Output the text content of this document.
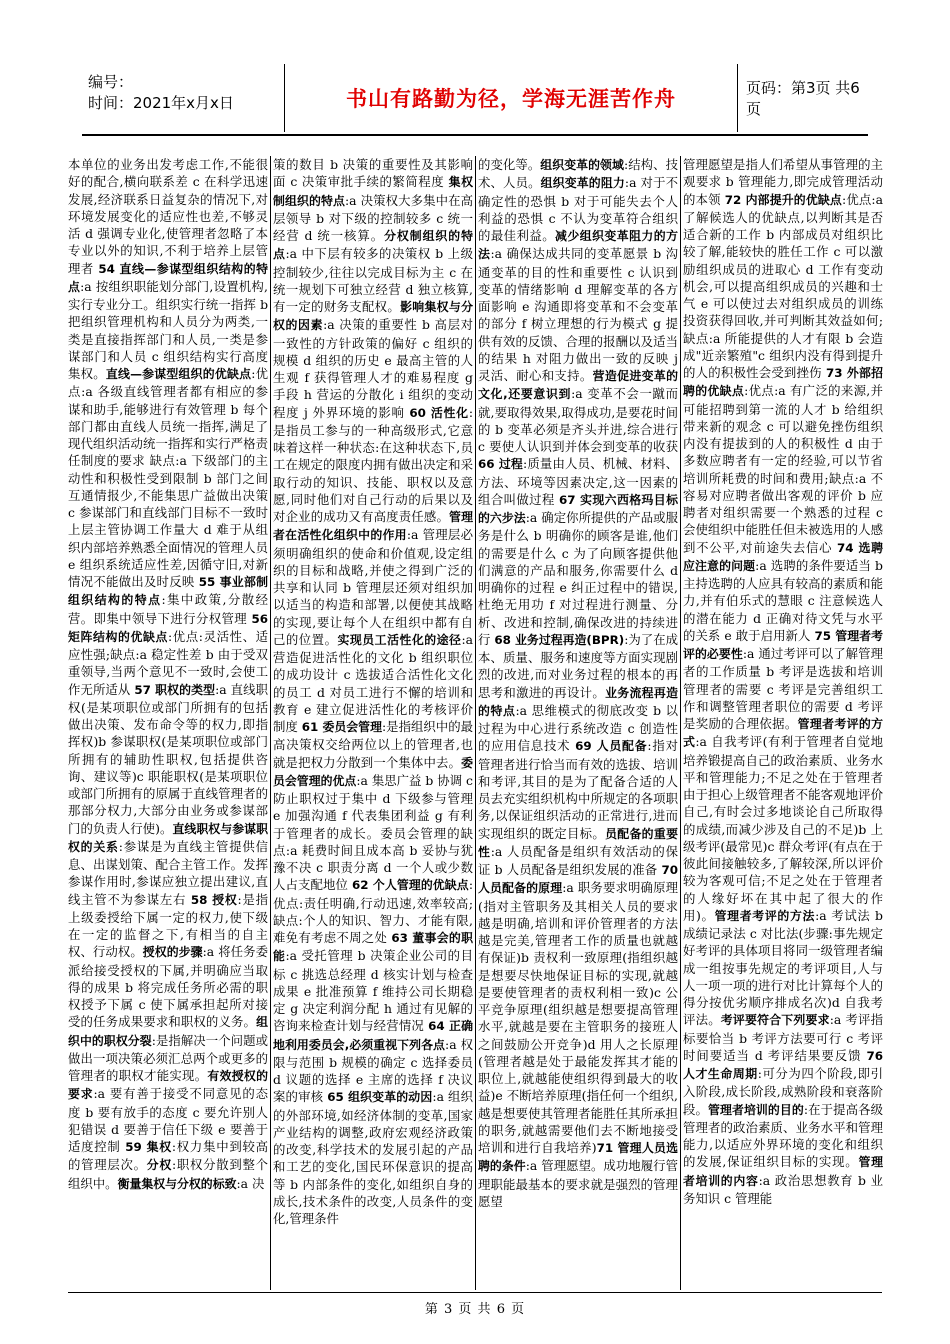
编号：
时间：2021年x月x日	书山有路勤为径，学海无涯苦作舟	页码：第3页 共6页

本单位的业务出发考虑工作,不能很好的配合,横向联系差 c 在科学迅速发展,经济联系日益复杂的情况下,对环境发展变化的适应性也差,不够灵活 d 强调专业化,使管理者忽略了本专业以外的知识,不利于培养上层管理者 54 直线—参谋型组织结构的特点:a 按组织职能划分部门,设置机构,实行专业分工。组织实行统一指挥 b 把组织管理机构和人员分为两类,一类是直接指挥部门和人员,一类是参谋部门和人员 c 组织结构实行高度集权。直线—参谋型组织的优缺点:优点:a 各级直线管理者都有相应的参谋和助手,能够进行有效管理 b 每个部门都由直线人员统一指挥,满足了现代组织活动统一指挥和实行严格责任制度的要求 缺点:a 下级部门的主动性和积极性受到限制 b 部门之间互通情报少,不能集思广益做出决策 c 参谋部门和直线部门目标不一致时上层主管协调工作量大 d 难于从组织内部培养熟悉全面情况的管理人员 e 组织系统适应性差,因循守旧,对新情况不能做出及时反映 55 事业部制组织结构的特点:集中政策,分散经营。即集中领导下进行分权管理 56 矩阵结构的优缺点:优点:灵活性、适应性强;缺点:a 稳定性差 b 由于受双重领导,当两个意见不一致时,会使工作无所适从 57 职权的类型:a 直线职权(是某项职位或部门所拥有的包括做出决策、发布命令等的权力,即指挥权)b 参谋职权(是某项职位或部门所拥有的辅助性职权,包括提供咨询、建议等)c 职能职权(是某项职位或部门所拥有的原属于直线管理者的那部分权力,大部分由业务或参谋部门的负责人行使)。直线职权与参谋职权的关系:参谋是为直线主管提供信息、出谋划策、配合主管工作。发挥参谋作用时,参谋应独立提出建议,直线主管不为参谋左右 58 授权:是指上级委授给下属一定的权力,使下级在一定的监督之下,有相当的自主权、行动权。授权的步骤:a 将任务委派给接受授权的下属,并明确应当取得的成果 b 将完成任务所必需的职权授予下属 c 使下属承担起所对接受的任务成果要求和职权的义务。组织中的职权分裂:是指解决一个问题或做出一项决策必须汇总两个或更多的管理者的职权才能实现。有效授权的要求:a 要有善于接受不同意见的态度 b 要有放手的态度 c 要允许别人犯错误 d 要善于信任下级 e 要善于适度控制 59 集权:权力集中到较高的管理层次。分权:职权分散到整个组织中。衡量集权与分权的标致:a 决

策的数目 b 决策的重要性及其影响面 c 决策审批手续的繁简程度 集权制组织的特点:a 决策权大多集中在高层领导 b 对下级的控制较多 c 统一经营 d 统一核算。分权制组织的特点:a 中下层有较多的决策权 b 上级控制较少,往往以完成目标为主 c 在统一规划下可独立经营 d 独立核算,有一定的财务支配权。影响集权与分权的因素:a 决策的重要性 b 高层对一致性的方针政策的偏好 c 组织的规模 d 组织的历史 e 最高主管的人生观 f 获得管理人才的难易程度 g 手段 h 营运的分散化 i 组织的变动程度 j 外界环境的影响 60 活性化:是指员工参与的一种高级形式,它意味着这样一种状态:在这种状态下,员工在规定的限度内拥有做出决定和采取行动的知识、技能、职权以及意愿,同时他们对自己行动的后果以及对企业的成功又有高度责任感。管理者在活性化组织中的作用:a 管理层必须明确组织的使命和价值观,设定组织的目标和战略,并使之得到广泛的共享和认同 b 管理层还须对组织加以适当的构造和部署,以便使其战略的实现,要让每个人在组织中都有自己的位置。实现员工活性化的途径:a 营造促进活性化的文化 b 组织职位的成功设计 c 选拔适合活性化文化的员工 d 对员工进行不懈的培训和教育 e 建立促进活性化的考核评价制度 61 委员会管理:是指组织中的最高决策权交给两位以上的管理者,也就是把权力分散到一个集体中去。委员会管理的优点:a 集思广益 b 协调 c 防止职权过于集中 d 下级参与管理 e 加强沟通 f 代表集团利益 g 有利于管理者的成长。委员会管理的缺点:a 耗费时间且成本高 b 妥协与犹豫不决 c 职责分离 d 一个人或少数人占支配地位 62 个人管理的优缺点:优点:责任明确,行动迅速,效率较高;缺点:个人的知识、智力、才能有限,难免有考虑不周之处 63 董事会的职能:a 受托管理 b 决策企业公司的目标 c 挑选总经理 d 核实计划与检查成果 e 批准预算 f 维持公司长期稳定 g 决定利润分配 h 通过有见解的咨询来检查计划与经营情况 64 正确地利用委员会,必须重视下列各点:a 权限与范围 b 规模的确定 c 选择委员 d 议题的选择 e 主席的选择 f 决议案的审核 65 组织变革的动因:a 组织的外部环境,如经济体制的变革,国家产业结构的调整,政府宏观经济政策的改变,科学技术的发展引起的产品和工艺的变化,国民环保意识的提高等 b 内部条件的变化,如组织自身的成长,技术条件的改变,人员条件的变化,管理条件

的变化等。组织变革的领域:结构、技术、人员。组织变革的阻力:a 对于不确定性的恐惧 b 对于可能失去个人利益的恐惧 c 不认为变革符合组织的最佳利益。减少组织变革阻力的方法:a 确保达成共同的变革愿景 b 沟通变革的目的性和重要性 c 认识到变革的情绪影响 d 理解变革的各方面影响 e 沟通即将变革和不会变革的部分 f 树立理想的行为模式 g 提供有效的反馈、合理的报酬以及适当的结果 h 对阻力做出一致的反映 j 灵活、耐心和支持。营造促进变革的文化,还要意识到:a 变革不会一蹴而就,要取得效果,取得成功,是要花时间的 b 变革必须是齐头并进,综合进行 c 要使人认识到并体会到变革的收获 66 过程:质量由人员、机械、材料、方法、环境等因素决定,这一因素的组合叫做过程 67 实现六西格玛目标的六步法:a 确定你所提供的产品或服务是什么 b 明确你的顾客是谁,他们的需要是什么 c 为了向顾客提供他们满意的产品和服务,你需要什么 d 明确你的过程 e 纠正过程中的错误,杜绝无用功 f 对过程进行测量、分析、改进和控制,确保改进的持续进行 68 业务过程再造(BPR):为了在成本、质量、服务和速度等方面实现剧烈的改进,而对业务过程的根本的再思考和激进的再设计。业务流程再造的特点:a 思维模式的彻底改变 b 以过程为中心进行系统改造 c 创造性的应用信息技术 69 人员配备:指对管理者进行恰当而有效的选拔、培训和考评,其目的是为了配备合适的人员去充实组织机构中所规定的各项职务,以保证组织活动的正常进行,进而实现组织的既定目标。员配备的重要性:a 人员配备是组织有效活动的保证 b 人员配备是组织发展的准备 70 人员配备的原理:a 职务要求明确原理(指对主管职务及其相关人员的要求越是明确,培训和评价管理者的方法越是完美,管理者工作的质量也就越有保证)b 责权利一致原理(指组织越是想要尽快地保证目标的实现,就越是要使管理者的责权利相一致)c 公平竞争原理(组织越是想要提高管理水平,就越是要在主管职务的接班人之间鼓励公开竞争)d 用人之长原理(管理者越是处于最能发挥其才能的职位上,就越能使组织得到最大的收益)e 不断培养原理(指任何一个组织,越是想要使其管理者能胜任其所承担的职务,就越需要他们去不断地接受培训和进行自我培养)71 管理人员选聘的条件:a 管理愿望。成功地履行管理职能最基本的要求就是强烈的管理愿望

管理愿望是指人们希望从事管理的主观要求 b 管理能力,即完成管理活动的本领 72 内部提升的优缺点:优点:a 了解候选人的优缺点,以判断其是否适合新的工作 b 内部成员对组织比较了解,能较快的胜任工作 c 可以激励组织成员的进取心 d 工作有变动机会,可以提高组织成员的兴趣和士气 e 可以使过去对组织成员的训练投资获得回收,并可判断其效益如何;缺点:a 所能提供的人才有限 b 会造成"近亲繁殖"c 组织内没有得到提升的人的积极性会受到挫伤 73 外部招聘的优缺点:优点:a 有广泛的来源,并可能招聘到第一流的人才 b 给组织带来新的观念 c 可以避免挫伤组织内没有提拔到的人的积极性 d 由于多数应聘者有一定的经验,可以节省培训所耗费的时间和费用;缺点:a 不容易对应聘者做出客观的评价 b 应聘者对组织需要一个熟悉的过程 c 会使组织中能胜任但未被选用的人感到不公平,对前途失去信心 74 选聘应注意的问题:a 选聘的条件要适当 b 主持选聘的人应具有较高的素质和能力,并有伯乐式的慧眼 c 注意候选人的潜在能力 d 正确对待文凭与水平的关系 e 敢于启用新人 75 管理者考评的必要性:a 通过考评可以了解管理者的工作质量 b 考评是选拔和培训管理者的需要 c 考评是完善组织工作和调整管理者职位的需要 d 考评是奖励的合理依据。管理者考评的方式:a 自我考评(有利于管理者自觉地培养锻提高自己的政治素质、业务水平和管理能力;不足之处在于管理者由于担心上级管理者不能客观地评价自己,有时会过多地谈论自己所取得的成绩,而减少涉及自己的不足)b 上级考评(最常见)c 群众考评(有点在于彼此间接触较多,了解较深,所以评价较为客观可信;不足之处在于管理者的人缘好坏在其中起了很大的作用)。管理者考评的方法:a 考试法 b 成绩记录法 c 对比法(步骤:事先规定好考评的具体项目将同一级管理者编成一组按事先规定的考评项目,人与人一项一项的进行对比计算每个人的得分按优劣顺序排成名次)d 自我考评法。考评要符合下列要求:a 考评指标要恰当 b 考评方法要可行 c 考评时间要适当 d 考评结果要反馈 76 人才生命周期:可分为四个阶段,即引入阶段,成长阶段,成熟阶段和衰落阶段。管理者培训的目的:在于提高各级管理者的政治素质、业务水平和管理能力,以适应外界环境的变化和组织的发展,保证组织目标的实现。管理者培训的内容:a 政治思想教育 b 业务知识 c 管理能

第 3 页 共 6 页
